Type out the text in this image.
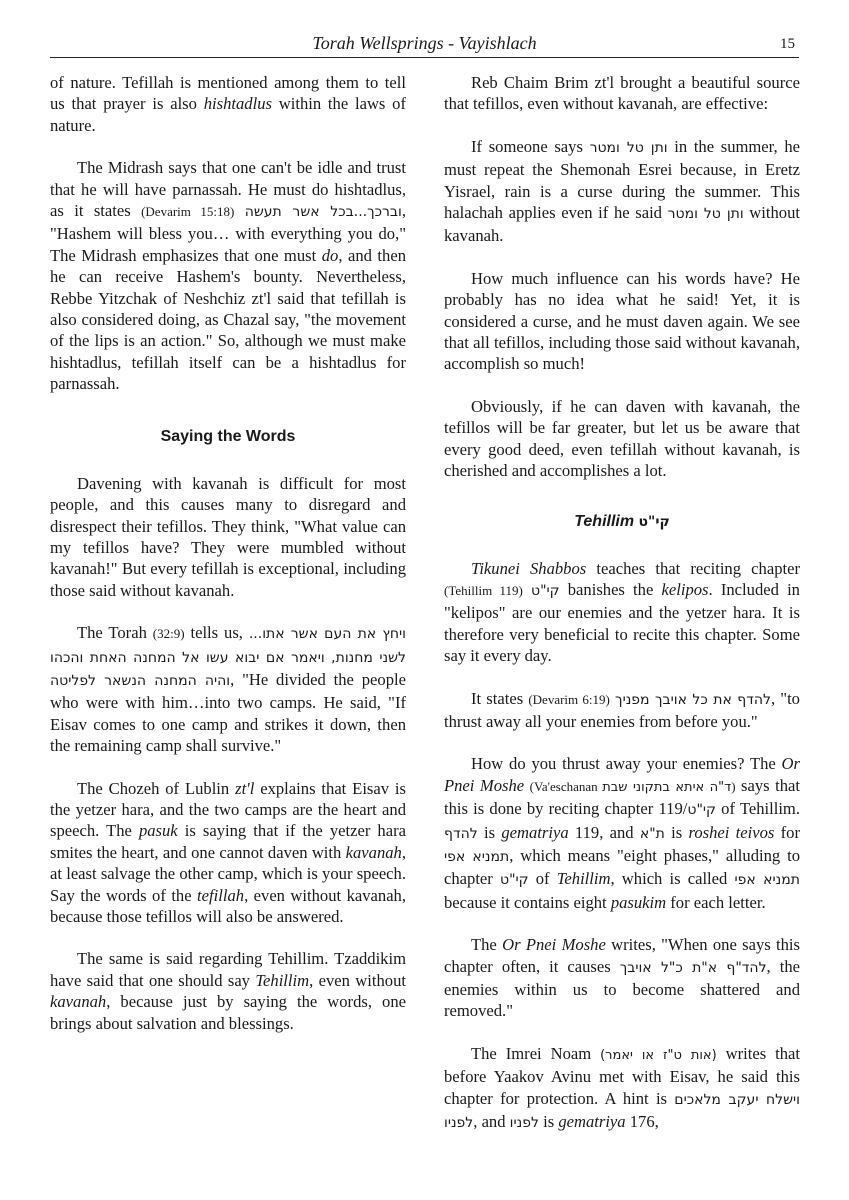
Torah Wellsprings - Vayishlach	15

of nature. Tefillah is mentioned among them to tell us that prayer is also hishtadlus within the laws of nature.

The Midrash says that one can't be idle and trust that he will have parnassah. He must do hishtadlus, as it states (Devarim 15:18) וברכך...בכל אשר תעשה, "Hashem will bless you… with everything you do," The Midrash emphasizes that one must do, and then he can receive Hashem's bounty. Nevertheless, Rebbe Yitzchak of Neshchiz zt'l said that tefillah is also considered doing, as Chazal say, "the movement of the lips is an action." So, although we must make hishtadlus, tefillah itself can be a hishtadlus for parnassah.

Saying the Words

Davening with kavanah is difficult for most people, and this causes many to disregard and disrespect their tefillos. They think, "What value can my tefillos have? They were mumbled without kavanah!" But every tefillah is exceptional, including those said without kavanah.

The Torah (32:9) tells us, ויחץ את העם אשר אתו... לשני מחנות, ויאמר אם יבוא עשו אל המחנה האחת והכהו והיה המחנה הנשאר לפליטה, "He divided the people who were with him…into two camps. He said, "If Eisav comes to one camp and strikes it down, then the remaining camp shall survive."

The Chozeh of Lublin zt'l explains that Eisav is the yetzer hara, and the two camps are the heart and speech. The pasuk is saying that if the yetzer hara smites the heart, and one cannot daven with kavanah, at least salvage the other camp, which is your speech. Say the words of the tefillah, even without kavanah, because those tefillos will also be answered.

The same is said regarding Tehillim. Tzaddikim have said that one should say Tehillim, even without kavanah, because just by saying the words, one brings about salvation and blessings.

Reb Chaim Brim zt'l brought a beautiful source that tefillos, even without kavanah, are effective:

If someone says ותן טל ומטר in the summer, he must repeat the Shemonah Esrei because, in Eretz Yisrael, rain is a curse during the summer. This halachah applies even if he said ותן טל ומטר without kavanah.

How much influence can his words have? He probably has no idea what he said! Yet, it is considered a curse, and he must daven again. We see that all tefillos, including those said without kavanah, accomplish so much!

Obviously, if he can daven with kavanah, the tefillos will be far greater, but let us be aware that every good deed, even tefillah without kavanah, is cherished and accomplishes a lot.

Tehillim קי"ט

Tikunei Shabbos teaches that reciting chapter (Tehillim 119) קי"ט banishes the kelipos. Included in "kelipos" are our enemies and the yetzer hara. It is therefore very beneficial to recite this chapter. Some say it every day.

It states (Devarim 6:19) להדף את כל אויבך מפניך, "to thrust away all your enemies from before you."

How do you thrust away your enemies? The Or Pnei Moshe (Va'eschanan ד"ה איתא בתקוני שבת) says that this is done by reciting chapter 119/קי"ט of Tehillim. להדף is gematriya 119, and ת"א is roshei teivos for תמניא אפי, which means "eight phases," alluding to chapter קי"ט of Tehillim, which is called תמניא אפי because it contains eight pasukim for each letter.

The Or Pnei Moshe writes, "When one says this chapter often, it causes להד"ף א"ת כ"ל אויבך, the enemies within us to become shattered and removed."

The Imrei Noam (אות ט"ז או יאמר) writes that before Yaakov Avinu met with Eisav, he said this chapter for protection. A hint is וישלח יעקב מלאכים לפניו, and לפניו is gematriya 176,
